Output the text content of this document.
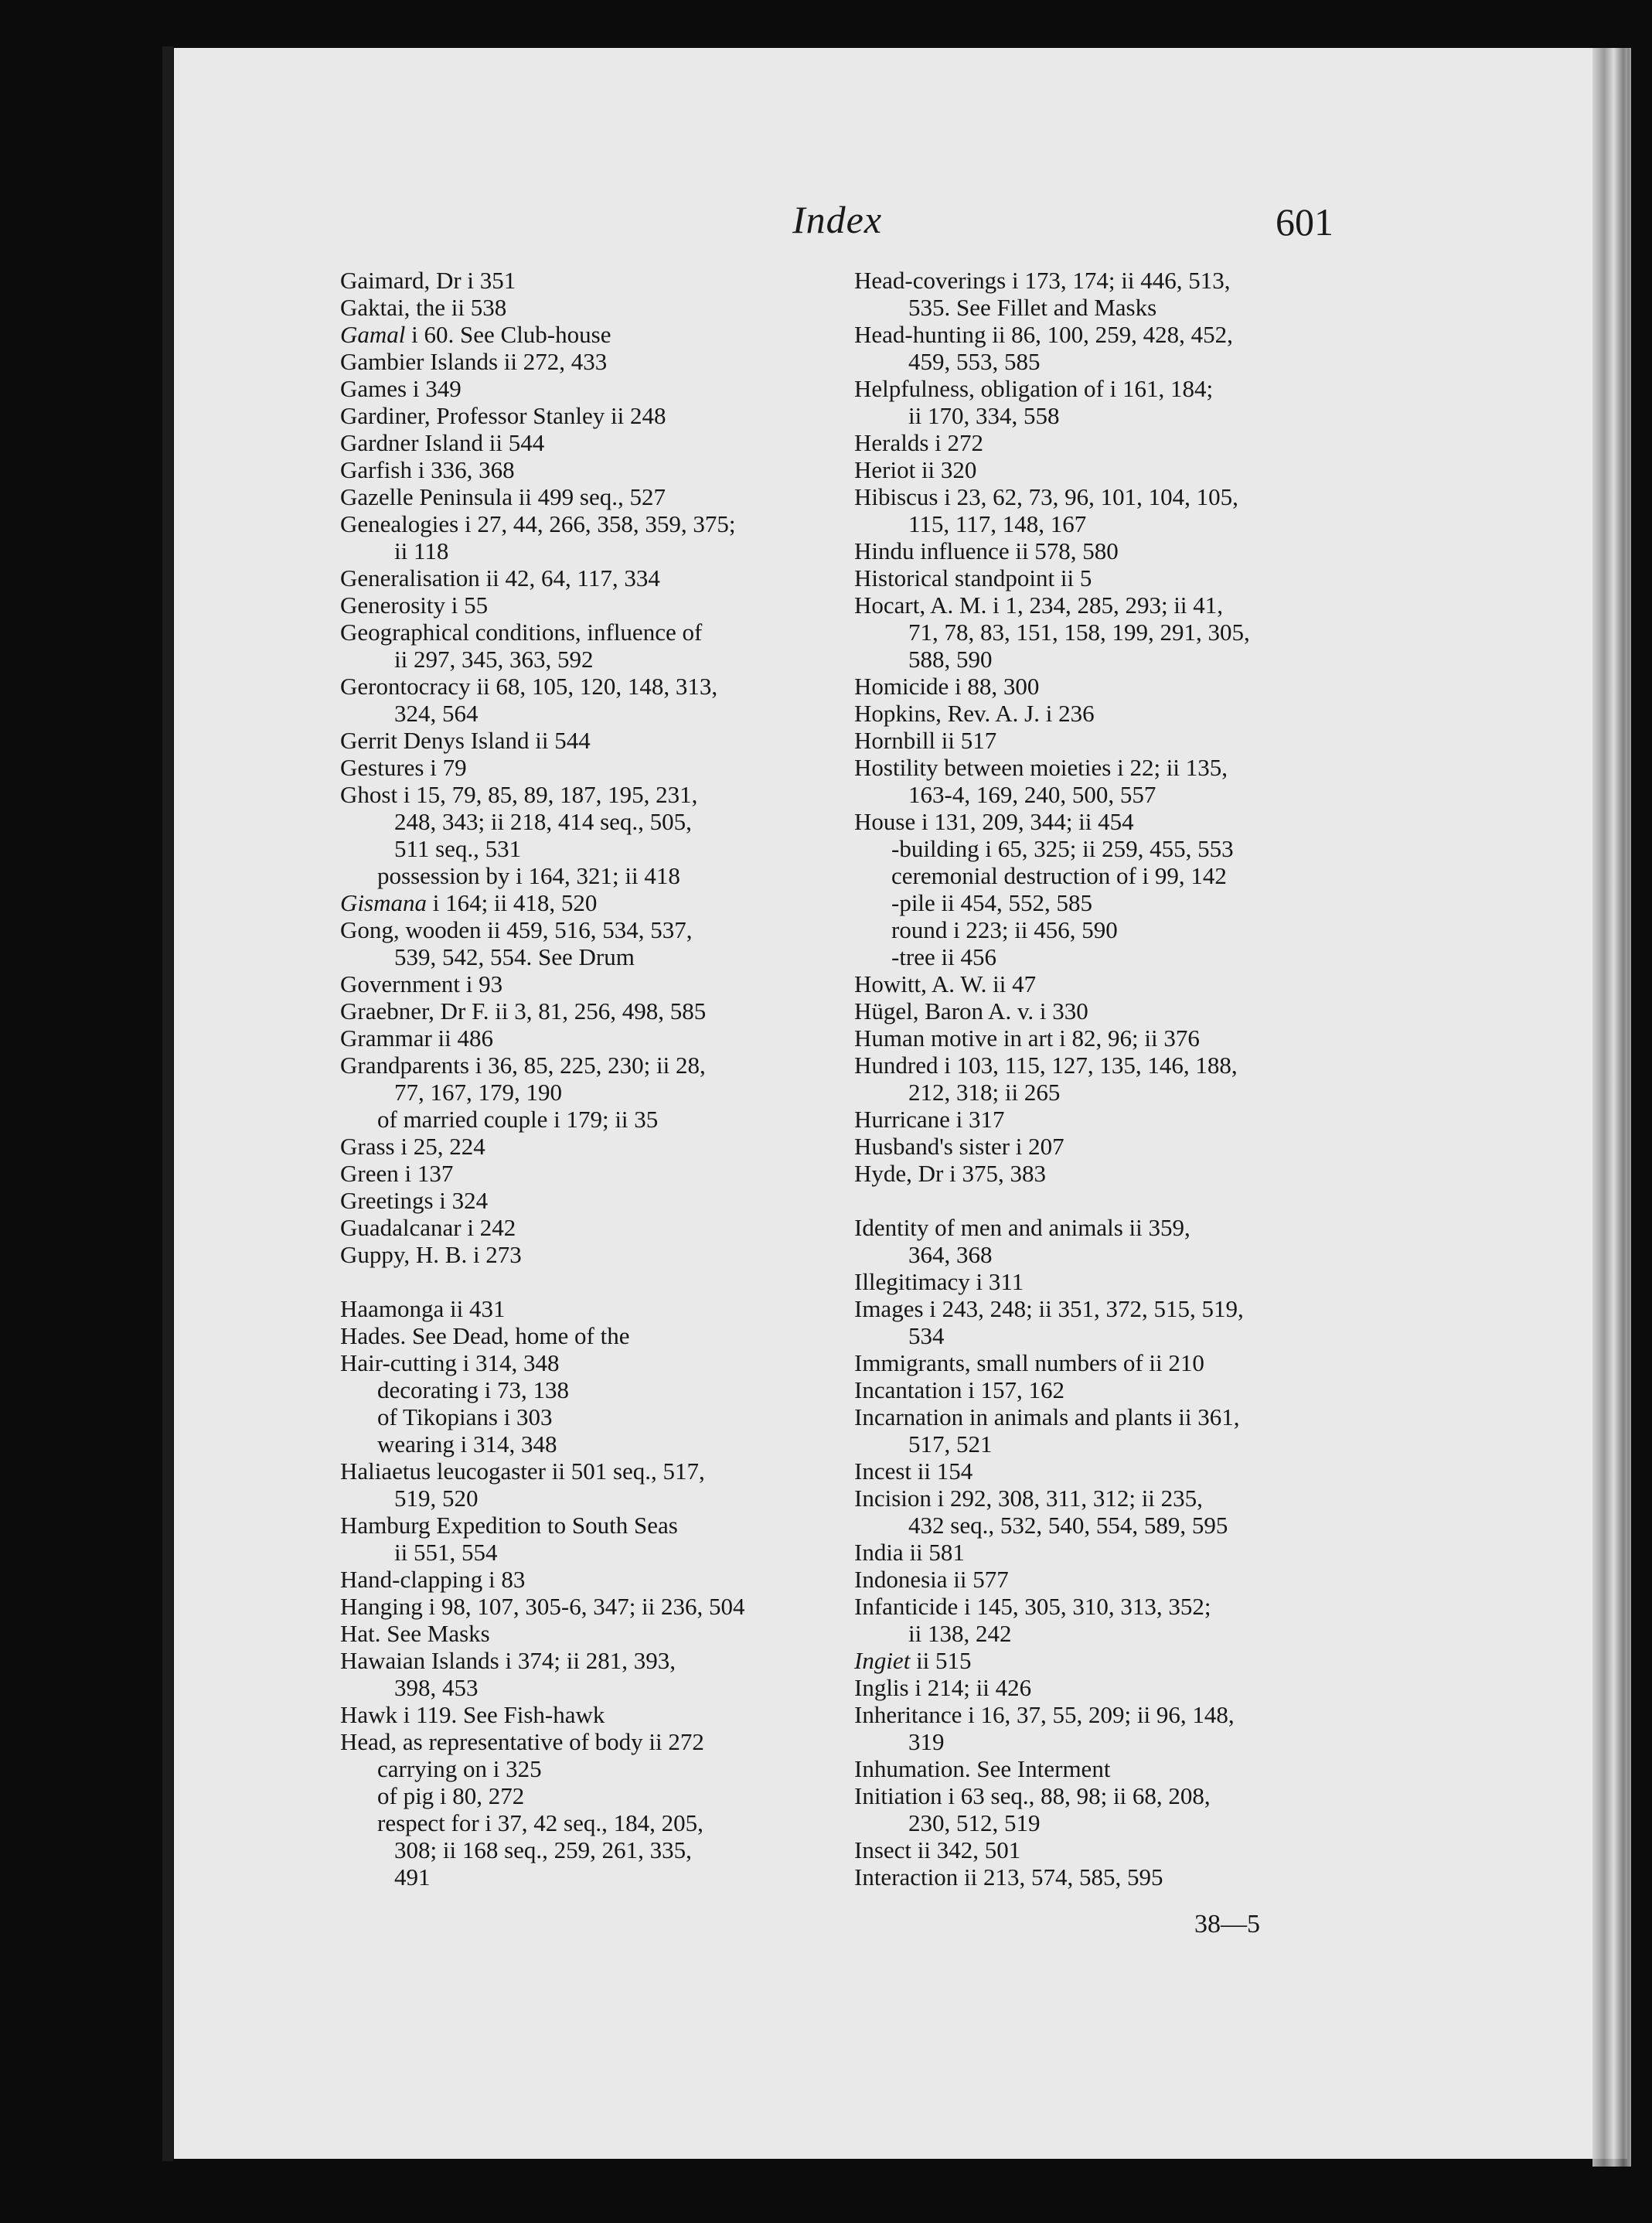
Index	601
Gaimard, Dr i 351
Gaktai, the ii 538
Gamal i 60. See Club-house
Gambier Islands ii 272, 433
Games i 349
Gardiner, Professor Stanley ii 248
Gardner Island ii 544
Garfish i 336, 368
Gazelle Peninsula ii 499 seq., 527
Genealogies i 27, 44, 266, 358, 359, 375;
ii 118
Generalisation ii 42, 64, 117, 334
Generosity i 55
Geographical conditions, influence of
ii 297, 345, 363, 592
Gerontocracy ii 68, 105, 120, 148, 313,
324, 564
Gerrit Denys Island ii 544
Gestures i 79
Ghost i 15, 79, 85, 89, 187, 195, 231,
248, 343; ii 218, 414 seq., 505,
511 seq., 531
possession by i 164, 321; ii 418
Gismana i 164; ii 418, 520
Gong, wooden ii 459, 516, 534, 537,
539, 542, 554. See Drum
Government i 93
Graebner, Dr F. ii 3, 81, 256, 498, 585
Grammar ii 486
Grandparents i 36, 85, 225, 230; ii 28,
77, 167, 179, 190
of married couple i 179; ii 35
Grass i 25, 224
Green i 137
Greetings i 324
Guadalcanar i 242
Guppy, H. B. i 273
Haamonga ii 431
Hades. See Dead, home of the
Hair-cutting i 314, 348
decorating i 73, 138
of Tikopians i 303
wearing i 314, 348
Haliaetus leucogaster ii 501 seq., 517,
519, 520
Hamburg Expedition to South Seas
ii 551, 554
Hand-clapping i 83
Hanging i 98, 107, 305-6, 347; ii 236, 504
Hat. See Masks
Hawaian Islands i 374; ii 281, 393,
398, 453
Hawk i 119. See Fish-hawk
Head, as representative of body ii 272
carrying on i 325
of pig i 80, 272
respect for i 37, 42 seq., 184, 205,
308; ii 168 seq., 259, 261, 335,
491
Head-coverings i 173, 174; ii 446, 513,
535. See Fillet and Masks
Head-hunting ii 86, 100, 259, 428, 452,
459, 553, 585
Helpfulness, obligation of i 161, 184;
ii 170, 334, 558
Heralds i 272
Heriot ii 320
Hibiscus i 23, 62, 73, 96, 101, 104, 105,
115, 117, 148, 167
Hindu influence ii 578, 580
Historical standpoint ii 5
Hocart, A. M. i 1, 234, 285, 293; ii 41,
71, 78, 83, 151, 158, 199, 291, 305,
588, 590
Homicide i 88, 300
Hopkins, Rev. A. J. i 236
Hornbill ii 517
Hostility between moieties i 22; ii 135,
163-4, 169, 240, 500, 557
House i 131, 209, 344; ii 454
-building i 65, 325; ii 259, 455, 553
ceremonial destruction of i 99, 142
-pile ii 454, 552, 585
round i 223; ii 456, 590
-tree ii 456
Howitt, A. W. ii 47
Hügel, Baron A. v. i 330
Human motive in art i 82, 96; ii 376
Hundred i 103, 115, 127, 135, 146, 188,
212, 318; ii 265
Hurricane i 317
Husband's sister i 207
Hyde, Dr i 375, 383
Identity of men and animals ii 359,
364, 368
Illegitimacy i 311
Images i 243, 248; ii 351, 372, 515, 519,
534
Immigrants, small numbers of ii 210
Incantation i 157, 162
Incarnation in animals and plants ii 361,
517, 521
Incest ii 154
Incision i 292, 308, 311, 312; ii 235,
432 seq., 532, 540, 554, 589, 595
India ii 581
Indonesia ii 577
Infanticide i 145, 305, 310, 313, 352;
ii 138, 242
Ingiet ii 515
Inglis i 214; ii 426
Inheritance i 16, 37, 55, 209; ii 96, 148,
319
Inhumation. See Interment
Initiation i 63 seq., 88, 98; ii 68, 208,
230, 512, 519
Insect ii 342, 501
Interaction ii 213, 574, 585, 595
38—5
